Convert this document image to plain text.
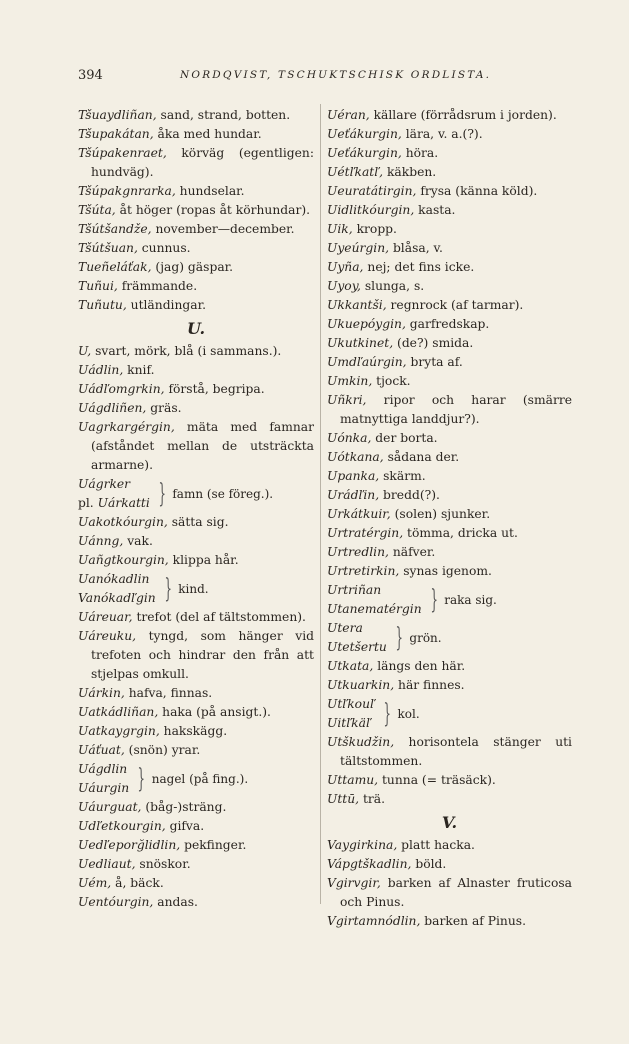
394	NORDQVIST, TSCHUKTSCHISK ORDLISTA.

Tšuaydliñan, sand, strand, botten.

Tšupakátan, åka med hundar.

Tšúpakenraet, körväg (egentligen: hundväg).

Tšúpakgnrarka, hundselar.

Tšúta, åt höger (ropas åt körhundar).

Tšútšandže, november—december.

Tšútšuan, cunnus.

Tueñeláťak, (jag) gäspar.

Tuñui, främmande.

Tuñutu, utländingar.

U.

U, svart, mörk, blå (i sammans.).

Uádlin, knif.

Uádľomgrkin, förstå, begripa.

Uágdliñen, gräs.

Uagrkargérgin, mäta med famnar (afståndet mellan de utsträckta armarne).

Uágrker
pl. Uárkatti } famn (se föreg.).

Uakotkóurgin, sätta sig.

Uánng, vak.

Uañgtkourgin, klippa hår.

Uanókadlin
Vanókadľgin } kind.

Uáreuar, trefot (del af tältstommen).

Uáreuku, tyngd, som hänger vid trefoten och hindrar den från att stjelpas omkull.

Uárkin, hafva, finnas.

Uatkádliñan, haka (på ansigt.).

Uatkaygrgin, hakskägg.

Uáťuat, (snön) yrar.

Uágdlin
Uáurgin } nagel (på fing.).

Uáurguat, (båg-)sträng.

Udľetkourgin, gifva.

Uedľeporğlidlin, pekfinger.

Uedliaut, snöskor.

Uém, å, bäck.

Uentóurgin, andas.

Uéran, källare (förrådsrum i jorden).

Ueťákurgin, lära, v. a.(?).

Ueťákurgin, höra.

Uétľkatľ, käkben.

Ueuratátirgin, frysa (känna köld).

Uidlitkóurgin, kasta.

Uik, kropp.

Uyeúrgin, blåsa, v.

Uyña, nej; det fins icke.

Uyoy, slunga, s.

Ukkantši, regnrock (af tarmar).

Ukuepóygin, garfredskap.

Ukutkinet, (de?) smida.

Umdľaúrgin, bryta af.

Umkin, tjock.

Uñkri, ripor och harar (smärre matnyttiga landdjur?).

Uónka, der borta.

Uótkana, sådana der.

Upanka, skärm.

Urádľin, bredd(?).

Urkátkuir, (solen) sjunker.

Urtratérgin, tömma, dricka ut.

Urtredlin, näfver.

Urtretirkin, synas igenom.

Urtriñan
Utanematérgin } raka sig.
Utera
Utetšertu } grön.

Utkata, längs den här.

Utkuarkin, här finnes.

Utľkouľ
Uitľkäľ } kol.

Utškudžin, horisontela stänger uti tältstommen.

Uttamu, tunna (= träsäck).

Uttū, trä.

V.

Vaygirkina, platt hacka.

Vápgtškadlin, böld.

Vgirvgir, barken af Alnaster fruticosa och Pinus.

Vgirtamnódlin, barken af Pinus.
